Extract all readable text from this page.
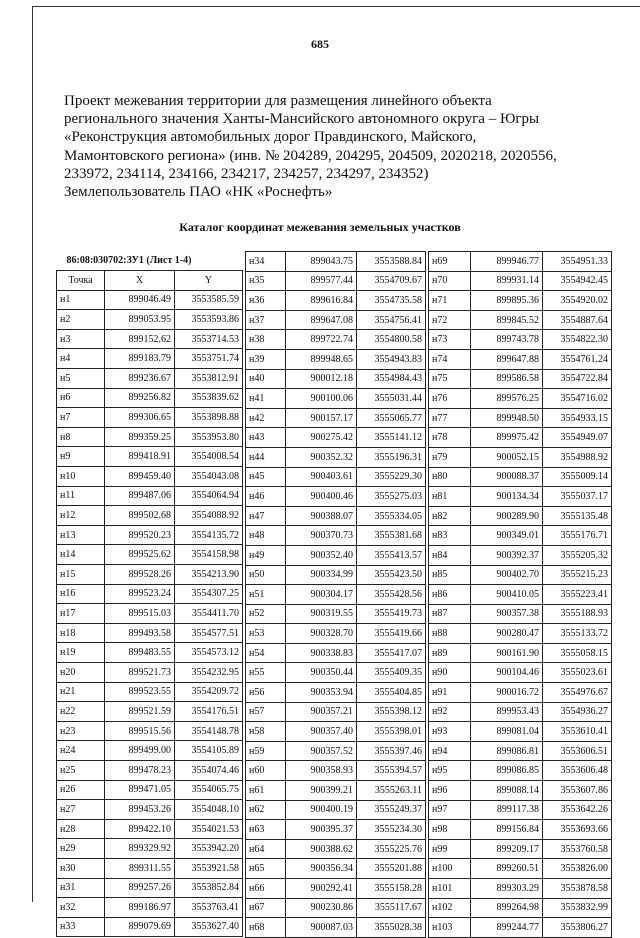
685
Проект межевания территории для размещения линейного объекта
регионального значения Ханты-Мансийского автономного округа – Югры
«Реконструкция автомобильных дорог Правдинского, Майского,
Мамонтовского региона» (инв. № 204289, 204295, 204509, 2020218, 2020556,
233972, 234114, 234166, 234217, 234257, 234297, 234352)
Землепользователь ПАО «НК «Роснефть»
Каталог координат межевания земельных участков
86:08:030702:ЗУ1 (Лист 1-4)		
Точка	X	Y
н1	899046.49	3553585.59
н2	899053.95	3553593.86
н3	899152.62	3553714.53
н4	899183.79	3553751.74
н5	899236.67	3553812.91
н6	899256.82	3553839.62
н7	899306.65	3553898.88
н8	899359.25	3553953.80
н9	899418.91	3554008.54
н10	899459.40	3554043.08
н11	899487.06	3554064.94
н12	899502.68	3554088.92
н13	899520.23	3554135.72
н14	899525.62	3554158.98
н15	899528.26	3554213.90
н16	899523.24	3554307.25
н17	899515.03	3554411.70
н18	899493.58	3554577.51
н19	899483.55	3554573.12
н20	899521.73	3554232.95
н21	899523.55	3554209.72
н22	899521.59	3554176.51
н23	899515.56	3554148.78
н24	899499.00	3554105.89
н25	899478.23	3554074.46
н26	899471.05	3554065.75
н27	899453.26	3554048.10
н28	899422.10	3554021.53
н29	899329.92	3553942.20
н30	899311.55	3553921.58
н31	899257.26	3553852.84
н32	899186.97	3553763.41
н33	899079.69	3553627.40
н34	899043.75	3553588.84
н35	899577.44	3554709.67
н36	899616.84	3554735.58
н37	899647.08	3554756.41
н38	899722.74	3554800.58
н39	899948.65	3554943.83
н40	900012.18	3554984.43
н41	900100.06	3555031.44
н42	900157.17	3555065.77
н43	900275.42	3555141.12
н44	900352.32	3555196.31
н45	900403.61	3555229.30
н46	900400.46	3555275.03
н47	900388.07	3555334.05
н48	900370.73	3555381.68
н49	900352.40	3555413.57
н50	900334.99	3555423.50
н51	900304.17	3555428.56
н52	900319.55	3555419.73
н53	900328.70	3555419.66
н54	900338.83	3555417.07
н55	900350.44	3555409.35
н56	900353.94	3555404.85
н57	900357.21	3555398.12
н58	900357.40	3555398.01
н59	900357.52	3555397.46
н60	900358.93	3555394.57
н61	900399.21	3555263.11
н62	900400.19	3555249.37
н63	900395.37	3555234.30
н64	900388.62	3555225.76
н65	900356.34	3555201.88
н66	900292.41	3555158.28
н67	900230.86	3555117.67
н68	900087.03	3555028.38
н69	899946.77	3554951.33
н70	899931.14	3554942.45
н71	899895.36	3554920.02
н72	899845.52	3554887.64
н73	899743.78	3554822.30
н74	899647.88	3554761.24
н75	899586.58	3554722.84
н76	899576.25	3554716.02
н77	899948.50	3554933.15
н78	899975.42	3554949.07
н79	900052.15	3554988.92
н80	900088.37	3555009.14
н81	900134.34	3555037.17
н82	900289.90	3555135.48
н83	900349.01	3555176.71
н84	900392.37	3555205.32
н85	900402.70	3555215.23
н86	900410.05	3555223.41
н87	900357.38	3555188.93
н88	900280.47	3555133.72
н89	900161.90	3555058.15
н90	900104.46	3555023.61
н91	900016.72	3554976.67
н92	899953.43	3554936.27
н93	899081.04	3553610.41
н94	899086.81	3553606.51
н95	899086.85	3553606.48
н96	899088.14	3553607.86
н97	899117.38	3553642.26
н98	899156.84	3553693.66
н99	899209.17	3553760.58
н100	899260.51	3553826.00
н101	899303.29	3553878.58
н102	899264.98	3553832.99
н103	899244.77	3553806.27
